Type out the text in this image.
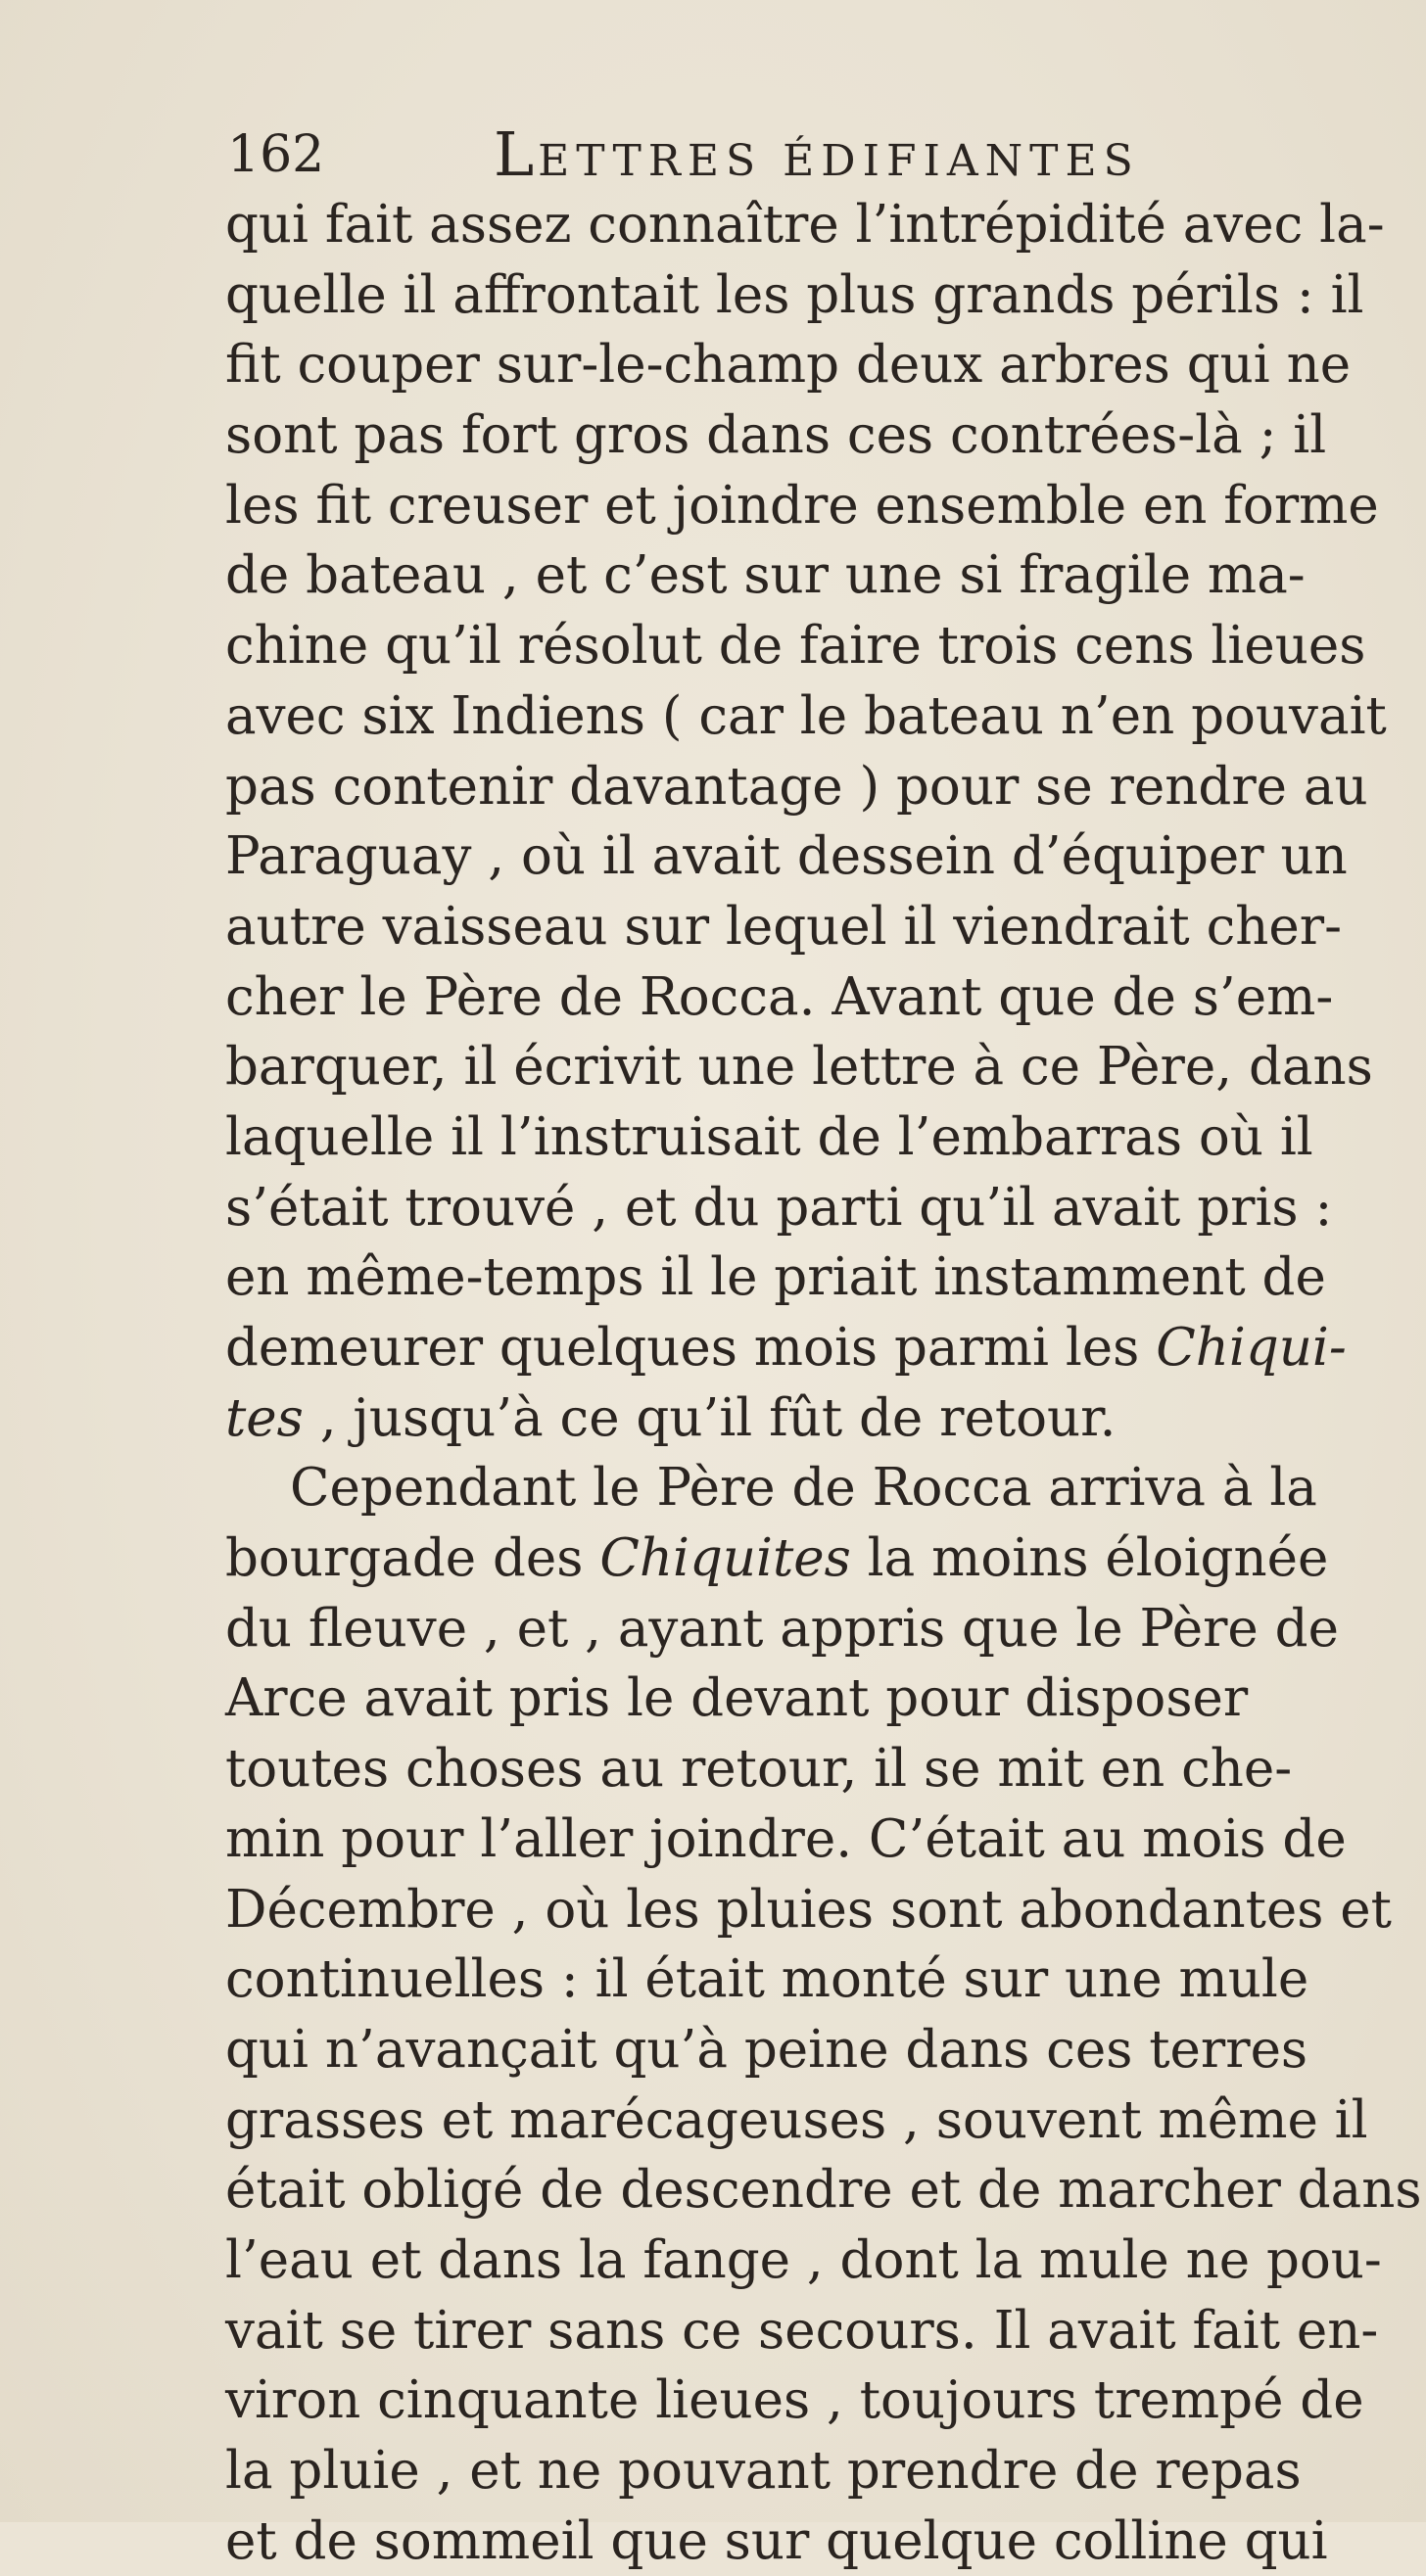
162	LETTRES ÉDIFIANTES
qui fait assez connaître l’intrépidité avec la-
quelle il affrontait les plus grands périls : il
fit couper sur-le-champ deux arbres qui ne
sont pas fort gros dans ces contrées-là ; il
les fit creuser et joindre ensemble en forme
de bateau , et c’est sur une si fragile ma-
chine qu’il résolut de faire trois cens lieues
avec six Indiens ( car le bateau n’en pouvait
pas contenir davantage ) pour se rendre au
Paraguay , où il avait dessein d’équiper un
autre vaisseau sur lequel il viendrait cher-
cher le Père de Rocca. Avant que de s’em-
barquer, il écrivit une lettre à ce Père, dans
laquelle il l’instruisait de l’embarras où il
s’était trouvé , et du parti qu’il avait pris :
en même-temps il le priait instamment de
demeurer quelques mois parmi les Chiqui-
tes , jusqu’à ce qu’il fût de retour.
Cependant le Père de Rocca arriva à la
bourgade des Chiquites la moins éloignée
du fleuve , et , ayant appris que le Père de
Arce avait pris le devant pour disposer
toutes choses au retour, il se mit en che-
min pour l’aller joindre. C’était au mois de
Décembre , où les pluies sont abondantes et
continuelles : il était monté sur une mule
qui n’avançait qu’à peine dans ces terres
grasses et marécageuses , souvent même il
était obligé de descendre et de marcher dans
l’eau et dans la fange , dont la mule ne pou-
vait se tirer sans ce secours. Il avait fait en-
viron cinquante lieues , toujours trempé de
la pluie , et ne pouvant prendre de repas
et de sommeil que sur quelque colline qui
